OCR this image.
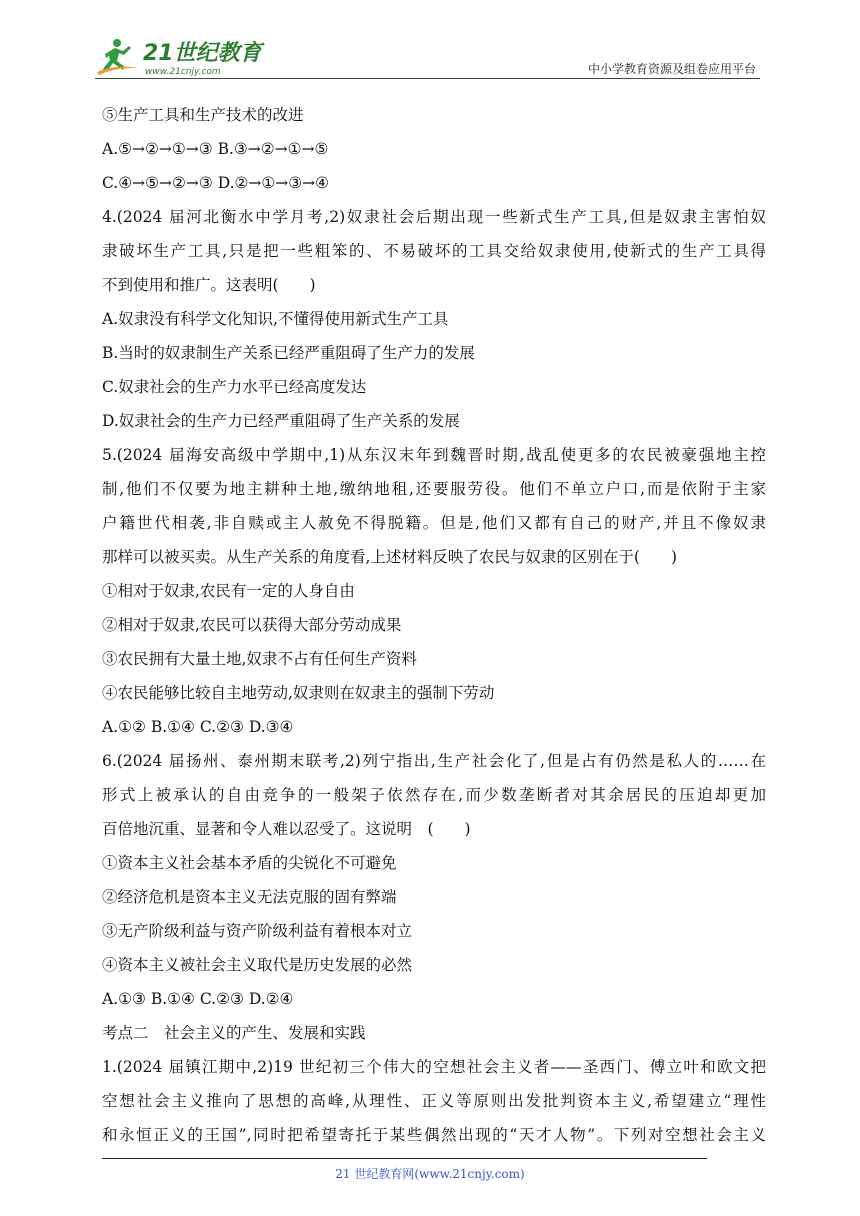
21世纪教育
www.21cnjy.com	中小学教育资源及组卷应用平台
⑤生产工具和生产技术的改进
A.⑤→②→①→③ B.③→②→①→⑤
C.④→⑤→②→③ D.②→①→③→④
4.(2024 届河北衡水中学月考,2)奴隶社会后期出现一些新式生产工具,但是奴隶主害怕奴
隶破坏生产工具,只是把一些粗笨的、不易破坏的工具交给奴隶使用,使新式的生产工具得
不到使用和推广。这表明(　　)
A.奴隶没有科学文化知识,不懂得使用新式生产工具
B.当时的奴隶制生产关系已经严重阻碍了生产力的发展
C.奴隶社会的生产力水平已经高度发达
D.奴隶社会的生产力已经严重阻碍了生产关系的发展
5.(2024 届海安高级中学期中,1)从东汉末年到魏晋时期,战乱使更多的农民被豪强地主控
制,他们不仅要为地主耕种土地,缴纳地租,还要服劳役。他们不单立户口,而是依附于主家
户籍世代相袭,非自赎或主人赦免不得脱籍。但是,他们又都有自己的财产,并且不像奴隶
那样可以被买卖。从生产关系的角度看,上述材料反映了农民与奴隶的区别在于(　　)
①相对于奴隶,农民有一定的人身自由
②相对于奴隶,农民可以获得大部分劳动成果
③农民拥有大量土地,奴隶不占有任何生产资料
④农民能够比较自主地劳动,奴隶则在奴隶主的强制下劳动
A.①② B.①④ C.②③ D.③④
6.(2024 届扬州、泰州期末联考,2)列宁指出,生产社会化了,但是占有仍然是私人的……在
形式上被承认的自由竞争的一般架子依然存在,而少数垄断者对其余居民的压迫却更加
百倍地沉重、显著和令人难以忍受了。这说明　(　　)
①资本主义社会基本矛盾的尖锐化不可避免
②经济危机是资本主义无法克服的固有弊端
③无产阶级利益与资产阶级利益有着根本对立
④资本主义被社会主义取代是历史发展的必然
A.①③ B.①④ C.②③ D.②④
考点二　社会主义的产生、发展和实践
1.(2024 届镇江期中,2)19 世纪初三个伟大的空想社会主义者——圣西门、傅立叶和欧文把
空想社会主义推向了思想的高峰,从理性、正义等原则出发批判资本主义,希望建立“理性
和永恒正义的王国”,同时把希望寄托于某些偶然出现的“天才人物”。下列对空想社会主义
21 世纪教育网(www.21cnjy.com)
